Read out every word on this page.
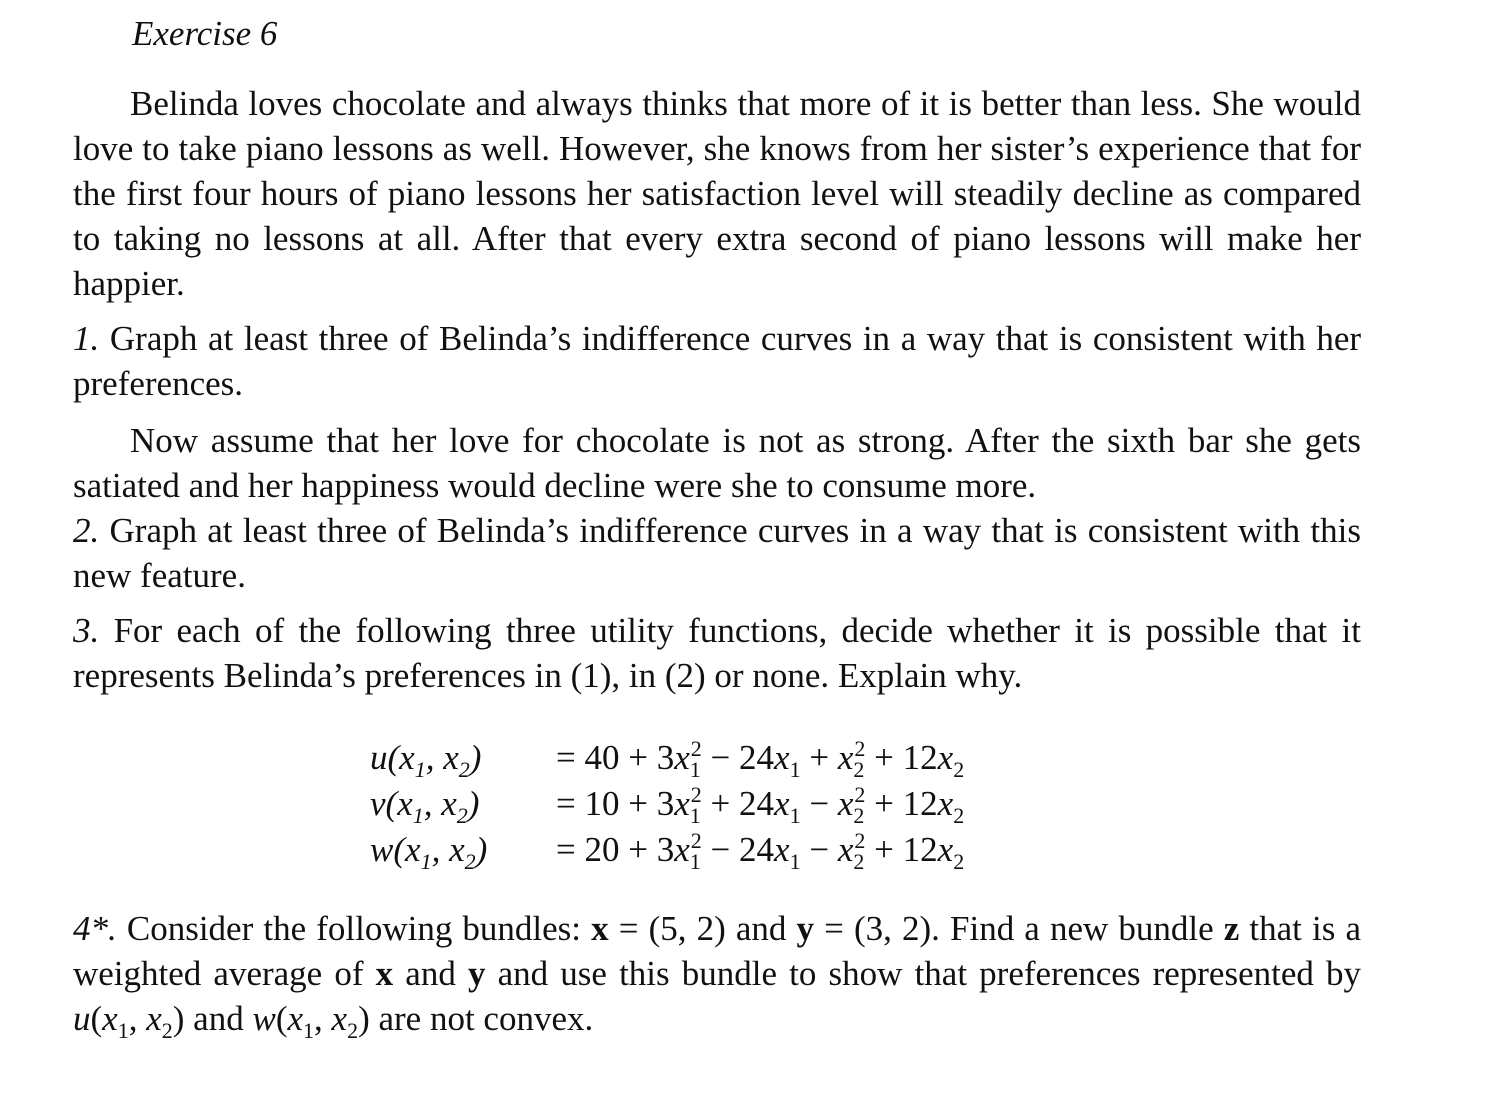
Exercise 6
Belinda loves chocolate and always thinks that more of it is better than less. She would love to take piano lessons as well. However, she knows from her sister’s experience that for the first four hours of piano lessons her satisfaction level will steadily decline as compared to taking no lessons at all. After that every extra second of piano lessons will make her happier.
1. Graph at least three of Belinda’s indifference curves in a way that is consistent with her preferences.
Now assume that her love for chocolate is not as strong. After the sixth bar she gets satiated and her happiness would decline were she to consume more.
2. Graph at least three of Belinda’s indifference curves in a way that is consistent with this new feature.
3. For each of the following three utility functions, decide whether it is possible that it represents Belinda’s preferences in (1), in (2) or none. Explain why.
4*. Consider the following bundles: x = (5, 2) and y = (3, 2). Find a new bundle z that is a weighted average of x and y and use this bundle to show that preferences represented by $u(x_1$, $x_2$) and $w(x_1$, $x_2$) are not convex.
$u(x_1$, $x_2$)	= $40 + 3x_1^2 - 24x_1 + x_2^2 + 12x_2$
$v(x_1$, $x_2$)	= $10 + 3x_1^2 + 24x_1 - x_2^2 + 12x_2$
$w(x_1$, $x_2$)	= $20 + 3x_1^2 - 24x_1 - x_2^2 + 12x_2$
